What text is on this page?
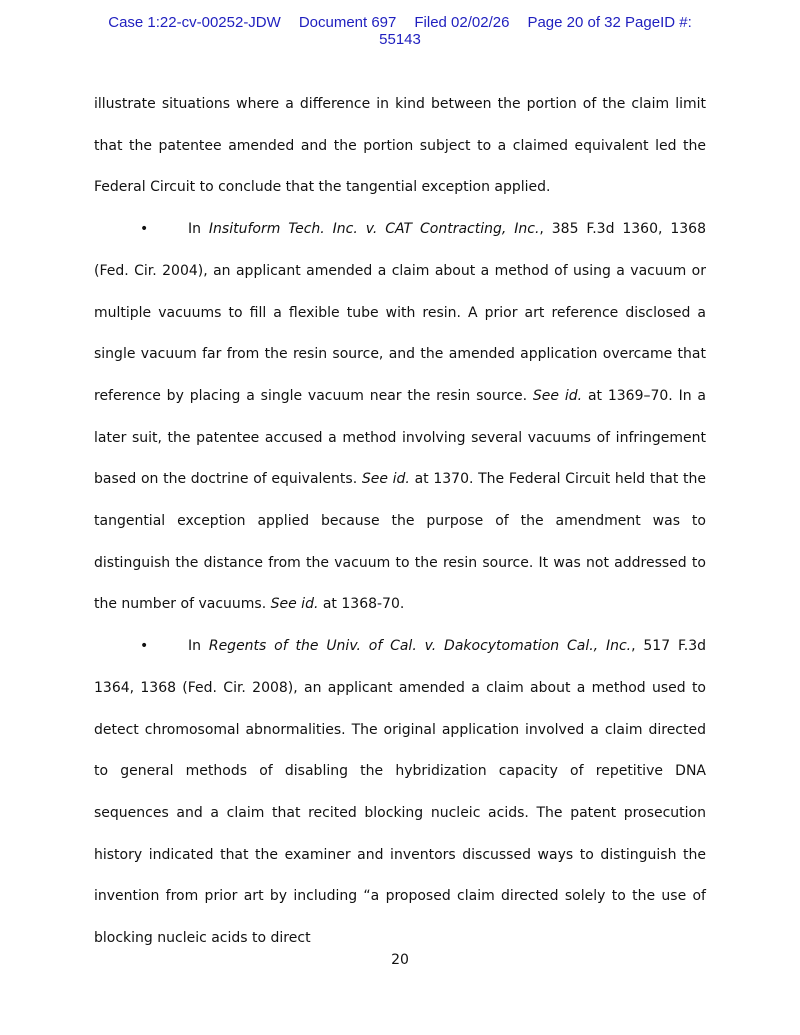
Case 1:22-cv-00252-JDW Document 697 Filed 02/02/26 Page 20 of 32 PageID #:
55143

illustrate situations where a difference in kind between the portion of the claim limit that the patentee amended and the portion subject to a claimed equivalent led the Federal Circuit to conclude that the tangential exception applied.

•	In Insituform Tech. Inc. v. CAT Contracting, Inc., 385 F.3d 1360, 1368 (Fed. Cir. 2004), an applicant amended a claim about a method of using a vacuum or multiple vacuums to fill a flexible tube with resin. A prior art reference disclosed a single vacuum far from the resin source, and the amended application overcame that reference by placing a single vacuum near the resin source. See id. at 1369–70. In a later suit, the patentee accused a method involving several vacuums of infringement based on the doctrine of equivalents. See id. at 1370. The Federal Circuit held that the tangential exception applied because the purpose of the amendment was to distinguish the distance from the vacuum to the resin source. It was not addressed to the number of vacuums. See id. at 1368-70.

•	In Regents of the Univ. of Cal. v. Dakocytomation Cal., Inc., 517 F.3d 1364, 1368 (Fed. Cir. 2008), an applicant amended a claim about a method used to detect chromosomal abnormalities. The original application involved a claim directed to general methods of disabling the hybridization capacity of repetitive DNA sequences and a claim that recited blocking nucleic acids. The patent prosecution history indicated that the examiner and inventors discussed ways to distinguish the invention from prior art by including “a proposed claim directed solely to the use of blocking nucleic acids to direct

20
